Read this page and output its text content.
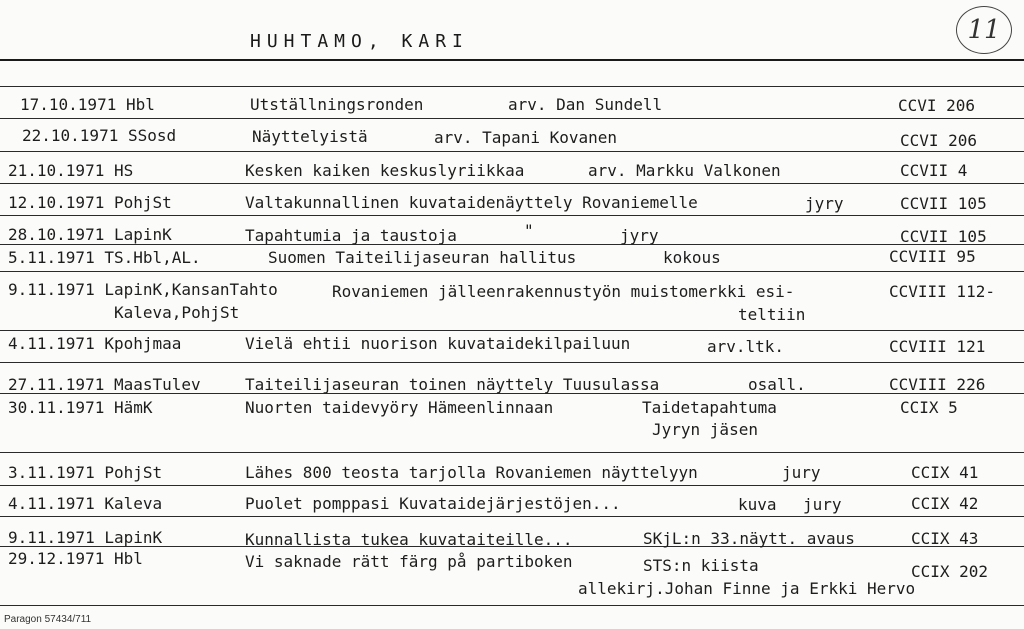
HUHTAMO, KARI	11
17.10.1971 Hbl	Utställningsronden	arv. Dan Sundell	CCVI 206
22.10.1971 SSosd	Näyttelyistä	arv. Tapani Kovanen	CCVI 206
21.10.1971 HS	Kesken kaiken keskuslyriikkaa	arv. Markku Valkonen	CCVII 4
12.10.1971 PohjSt	Valtakunnallinen kuvataidenäyttely Rovaniemelle	jyry	CCVII 105
28.10.1971 LapinK	Tapahtumia ja taustoja	"	jyry	CCVII 105
5.11.1971 TS.Hbl,AL.	Suomen Taiteilijaseuran hallitus	kokous	CCVIII 95
9.11.1971 LapinK,KansanTahto	Rovaniemen jälleenrakennustyön muistomerkki esi-	CCVIII 112-
Kaleva,PohjSt	teltiin
4.11.1971 Kpohjmaa	Vielä ehtii nuorison kuvataidekilpailuun	arv.ltk.	CCVIII 121
27.11.1971 MaasTulev	Taiteilijaseuran toinen näyttely Tuusulassa	osall.	CCVIII 226
30.11.1971 HämK	Nuorten taidevyöry Hämeenlinnaan	Taidetapahtuma	CCIX 5
Jyryn jäsen
3.11.1971 PohjSt	Lähes 800 teosta tarjolla Rovaniemen näyttelyyn	jury	CCIX 41
4.11.1971 Kaleva	Puolet pomppasi Kuvataidejärjestöjen...	kuva jury	CCIX 42
9.11.1971 LapinK	Kunnallista tukea kuvataiteille...	SKjL:n 33.näytt. avaus	CCIX 43
29.12.1971 Hbl	Vi saknade rätt färg på partiboken	STS:n kiista	CCIX 202
allekirj.Johan Finne ja Erkki Hervo
Paragon 57434/711
